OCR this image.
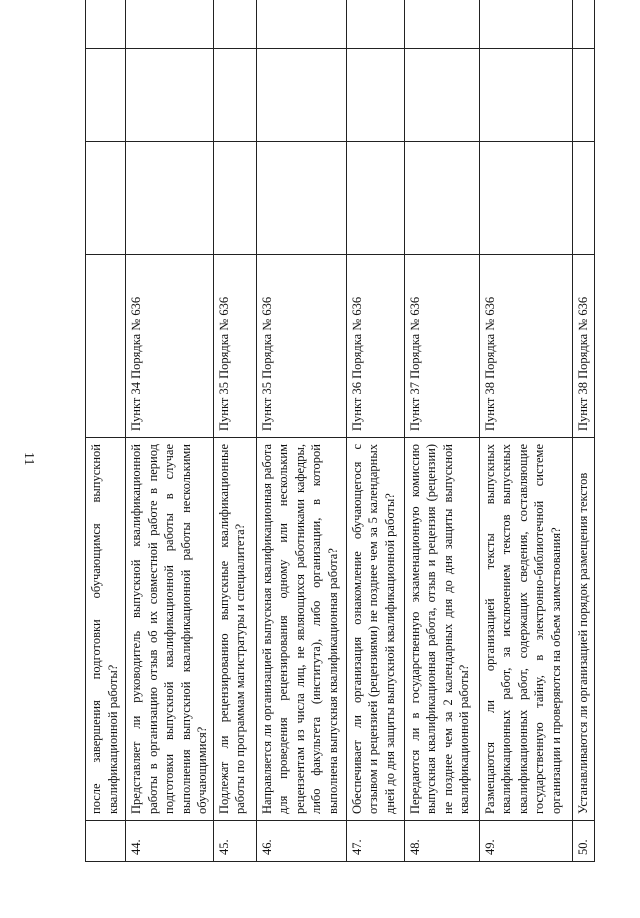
11
		после завершения подготовки обучающимся выпускной квалификационной работы?				
44.	Представляет ли руководитель выпускной квалификационной работы в организацию отзыв об их совместной работе в период подготовки выпускной квалификационной работы в случае выполнения выпускной квалификационной работы несколькими обучающимися?	Пункт 34 Порядка № 636			
45.	Подлежат ли рецензированию выпускные квалификационные работы по программам магистратуры и специалитета?	Пункт 35 Порядка № 636			
46.	Направляется ли организацией выпускная квалификационная работа для проведения рецензирования одному или нескольким рецензентам из числа лиц, не являющихся работниками кафедры, либо факультета (института), либо организации, в которой выполнена выпускная квалификационная работа?	Пункт 35 Порядка № 636			
47.	Обеспечивает ли организация ознакомление обучающегося с отзывом и рецензией (рецензиями) не позднее чем за 5 календарных дней до дня защиты выпускной квалификационной работы?	Пункт 36 Порядка № 636			
48.	Передаются ли в государственную экзаменационную комиссию выпускная квалификационная работа, отзыв и рецензия (рецензии) не позднее чем за 2 календарных дня до дня защиты выпускной квалификационной работы?	Пункт 37 Порядка № 636			
49.	Размещаются ли организацией тексты выпускных квалификационных работ, за исключением текстов выпускных квалификационных работ, содержащих сведения, составляющие государственную тайну, в электронно-библиотечной системе организации и проверяются на объем заимствования?	Пункт 38 Порядка № 636			
50.	Устанавливаются ли организацией порядок размещения текстов	Пункт 38 Порядка № 636			
